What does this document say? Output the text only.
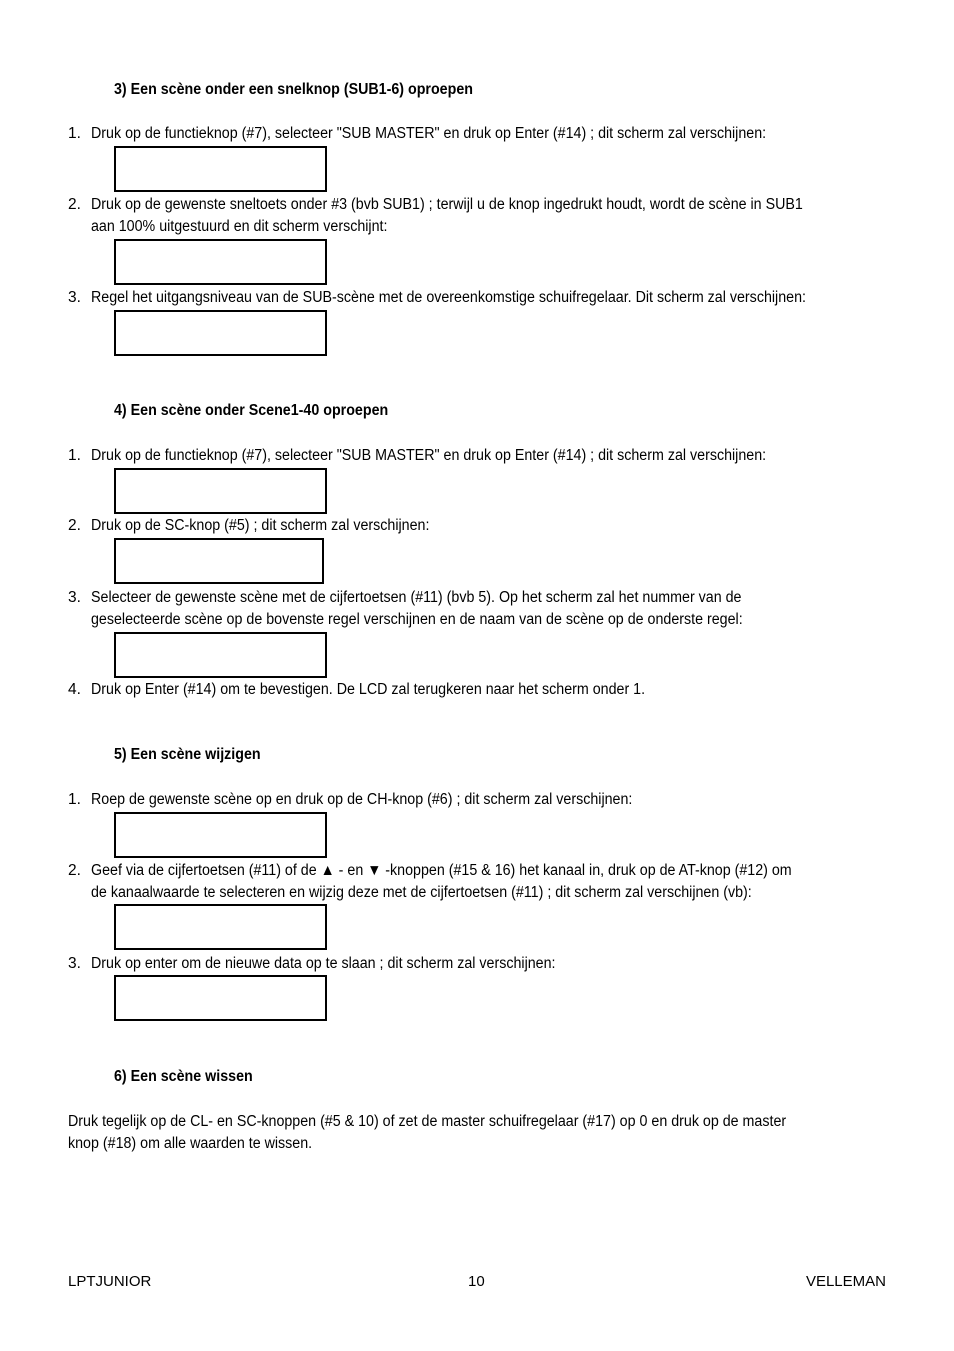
3) Een scène onder een snelknop (SUB1-6) oproepen
1. Druk op de functieknop (#7), selecteer "SUB MASTER" en druk op Enter (#14) ; dit scherm zal verschijnen:

2. Druk op de gewenste sneltoets onder #3 (bvb SUB1) ; terwijl u de knop ingedrukt houdt, wordt de scène in SUB1
aan 100% uitgestuurd en dit scherm verschijnt:

3. Regel het uitgangsniveau van de SUB-scène met de overeenkomstige schuifregelaar. Dit scherm zal verschijnen:

4) Een scène onder Scene1-40 oproepen
1. Druk op de functieknop (#7), selecteer "SUB MASTER" en druk op Enter (#14) ; dit scherm zal verschijnen:

2. Druk op de SC-knop (#5) ; dit scherm zal verschijnen:

3. Selecteer de gewenste scène met de cijfertoetsen (#11) (bvb 5). Op het scherm zal het nummer van de
geselecteerde scène op de bovenste regel verschijnen en de naam van de scène op de onderste regel:

4. Druk op Enter (#14) om te bevestigen. De LCD zal terugkeren naar het scherm onder 1.
5) Een scène wijzigen
1. Roep de gewenste scène op en druk op de CH-knop (#6) ; dit scherm zal verschijnen:

2. Geef via de cijfertoetsen (#11) of de ▲ - en ▼ -knoppen (#15 & 16) het kanaal in, druk op de AT-knop (#12) om
de kanaalwaarde te selecteren en wijzig deze met de cijfertoetsen (#11) ; dit scherm zal verschijnen (vb):

3. Druk op enter om de nieuwe data op te slaan ; dit scherm zal verschijnen:

6) Een scène wissen
Druk tegelijk op de CL- en SC-knoppen (#5 & 10) of zet de master schuifregelaar (#17) op 0 en druk op de master
knop (#18) om alle waarden te wissen.
LPTJUNIOR	10	VELLEMAN
